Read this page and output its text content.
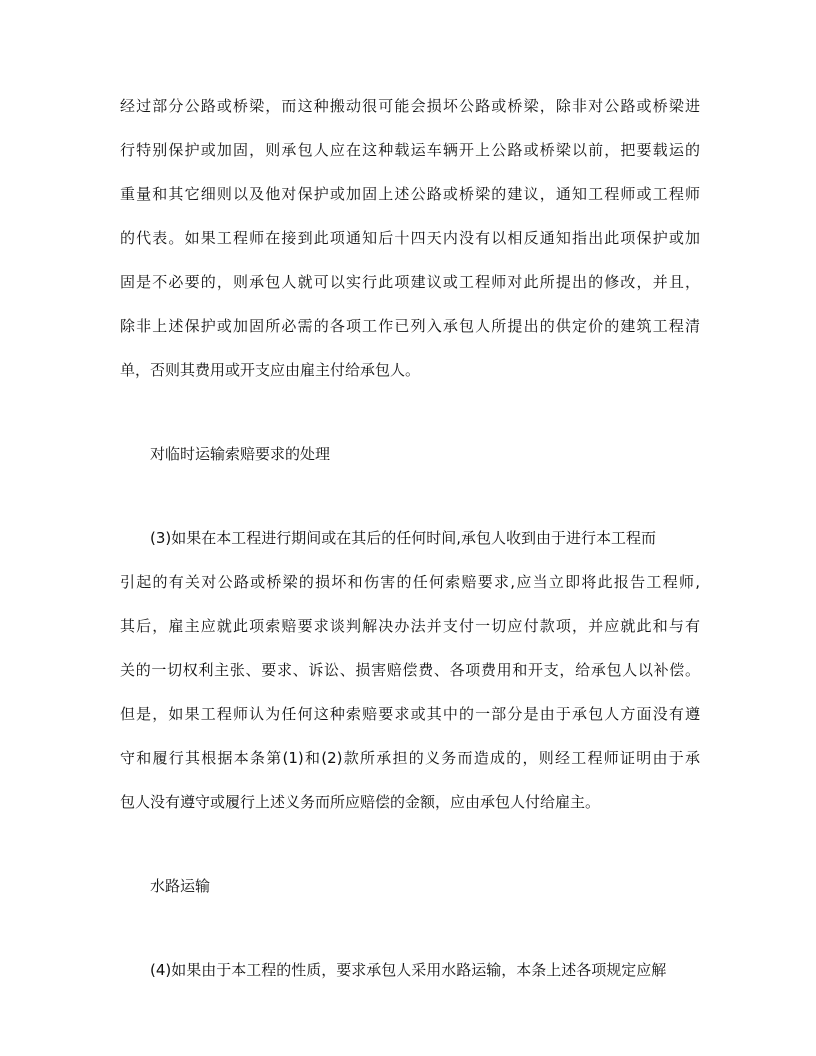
经过部分公路或桥梁，而这种搬动很可能会损坏公路或桥梁，除非对公路或桥梁进
行特别保护或加固，则承包人应在这种载运车辆开上公路或桥梁以前，把要载运的
重量和其它细则以及他对保护或加固上述公路或桥梁的建议，通知工程师或工程师
的代表。如果工程师在接到此项通知后十四天内没有以相反通知指出此项保护或加
固是不必要的，则承包人就可以实行此项建议或工程师对此所提出的修改，并且，
除非上述保护或加固所必需的各项工作已列入承包人所提出的供定价的建筑工程清
单，否则其费用或开支应由雇主付给承包人。
对临时运输索赔要求的处理
(3)如果在本工程进行期间或在其后的任何时间,承包人收到由于进行本工程而
引起的有关对公路或桥梁的损坏和伤害的任何索赔要求,应当立即将此报告工程师,
其后，雇主应就此项索赔要求谈判解决办法并支付一切应付款项，并应就此和与有
关的一切权利主张、要求、诉讼、损害赔偿费、各项费用和开支，给承包人以补偿。
但是，如果工程师认为任何这种索赔要求或其中的一部分是由于承包人方面没有遵
守和履行其根据本条第(1)和(2)款所承担的义务而造成的，则经工程师证明由于承
包人没有遵守或履行上述义务而所应赔偿的金额，应由承包人付给雇主。
水路运输
(4)如果由于本工程的性质，要求承包人采用水路运输，本条上述各项规定应解
